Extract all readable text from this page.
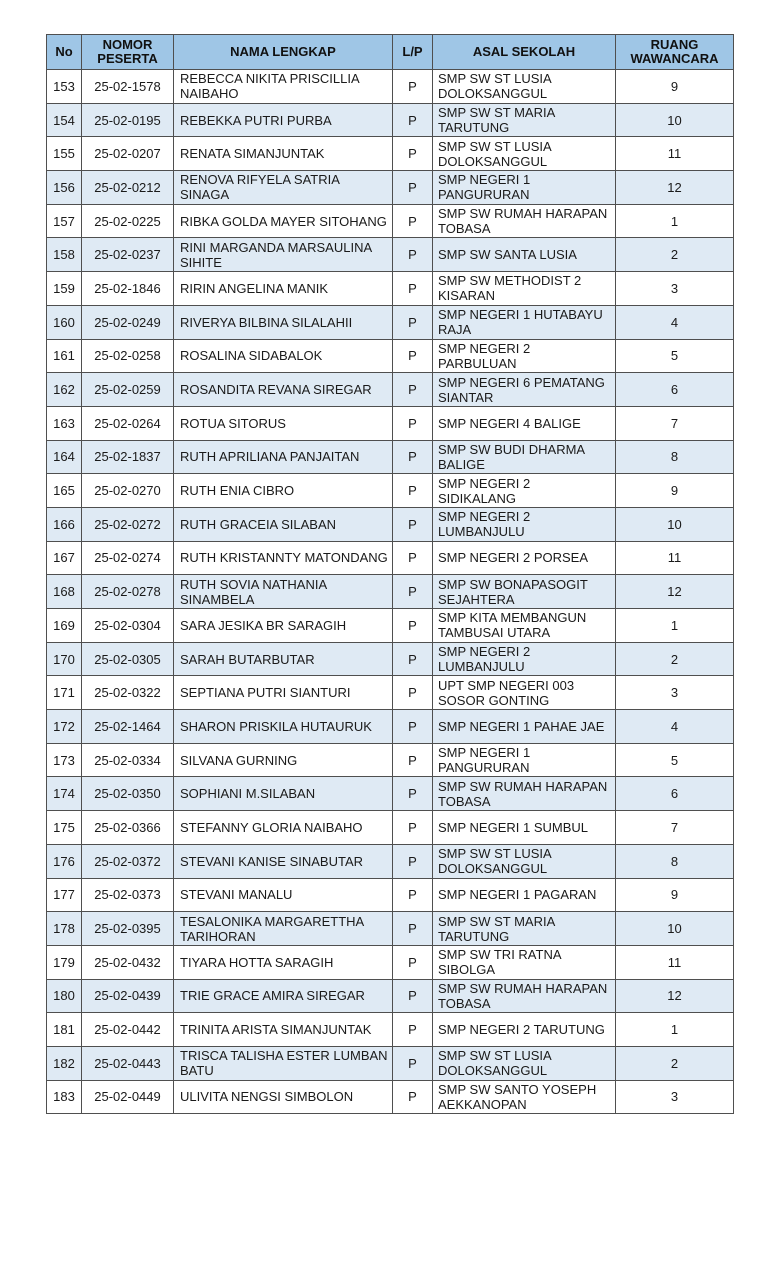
No	NOMOR PESERTA	NAMA LENGKAP	L/P	ASAL SEKOLAH	RUANG WAWANCARA

153	25-02-1578	REBECCA NIKITA PRISCILLIA NAIBAHO	P	SMP SW ST LUSIA DOLOKSANGGUL	9

154	25-02-0195	REBEKKA PUTRI PURBA	P	SMP SW ST MARIA TARUTUNG	10

155	25-02-0207	RENATA SIMANJUNTAK	P	SMP SW ST LUSIA DOLOKSANGGUL	11

156	25-02-0212	RENOVA RIFYELA SATRIA SINAGA	P	SMP NEGERI 1 PANGURURAN	12

157	25-02-0225	RIBKA GOLDA MAYER SITOHANG	P	SMP SW RUMAH HARAPAN TOBASA	1

158	25-02-0237	RINI MARGANDA MARSAULINA SIHITE	P	SMP SW SANTA LUSIA	2

159	25-02-1846	RIRIN ANGELINA MANIK	P	SMP SW METHODIST 2 KISARAN	3

160	25-02-0249	RIVERYA BILBINA SILALAHII	P	SMP NEGERI 1 HUTABAYU RAJA	4

161	25-02-0258	ROSALINA SIDABALOK	P	SMP NEGERI 2 PARBULUAN	5

162	25-02-0259	ROSANDITA REVANA SIREGAR	P	SMP NEGERI 6 PEMATANG SIANTAR	6

163	25-02-0264	ROTUA SITORUS	P	SMP NEGERI 4 BALIGE	7

164	25-02-1837	RUTH APRILIANA PANJAITAN	P	SMP SW BUDI DHARMA BALIGE	8

165	25-02-0270	RUTH ENIA CIBRO	P	SMP NEGERI 2 SIDIKALANG	9

166	25-02-0272	RUTH GRACEIA SILABAN	P	SMP NEGERI 2 LUMBANJULU	10

167	25-02-0274	RUTH KRISTANNTY MATONDANG	P	SMP NEGERI 2 PORSEA	11

168	25-02-0278	RUTH SOVIA NATHANIA SINAMBELA	P	SMP SW BONAPASOGIT SEJAHTERA	12

169	25-02-0304	SARA JESIKA BR SARAGIH	P	SMP KITA MEMBANGUN TAMBUSAI UTARA	1

170	25-02-0305	SARAH BUTARBUTAR	P	SMP NEGERI 2 LUMBANJULU	2

171	25-02-0322	SEPTIANA PUTRI SIANTURI	P	UPT SMP NEGERI 003 SOSOR GONTING	3

172	25-02-1464	SHARON PRISKILA HUTAURUK	P	SMP NEGERI 1 PAHAE JAE	4

173	25-02-0334	SILVANA GURNING	P	SMP NEGERI 1 PANGURURAN	5

174	25-02-0350	SOPHIANI M.SILABAN	P	SMP SW RUMAH HARAPAN TOBASA	6

175	25-02-0366	STEFANNY GLORIA NAIBAHO	P	SMP NEGERI 1 SUMBUL	7

176	25-02-0372	STEVANI KANISE SINABUTAR	P	SMP SW ST LUSIA DOLOKSANGGUL	8

177	25-02-0373	STEVANI MANALU	P	SMP NEGERI 1 PAGARAN	9

178	25-02-0395	TESALONIKA MARGARETTHA TARIHORAN	P	SMP SW ST MARIA TARUTUNG	10

179	25-02-0432	TIYARA HOTTA SARAGIH	P	SMP SW TRI RATNA SIBOLGA	11

180	25-02-0439	TRIE GRACE AMIRA SIREGAR	P	SMP SW RUMAH HARAPAN TOBASA	12

181	25-02-0442	TRINITA ARISTA SIMANJUNTAK	P	SMP NEGERI 2 TARUTUNG	1

182	25-02-0443	TRISCA TALISHA ESTER LUMBAN BATU	P	SMP SW ST LUSIA DOLOKSANGGUL	2

183	25-02-0449	ULIVITA NENGSI SIMBOLON	P	SMP SW SANTO YOSEPH AEKKANOPAN	3
